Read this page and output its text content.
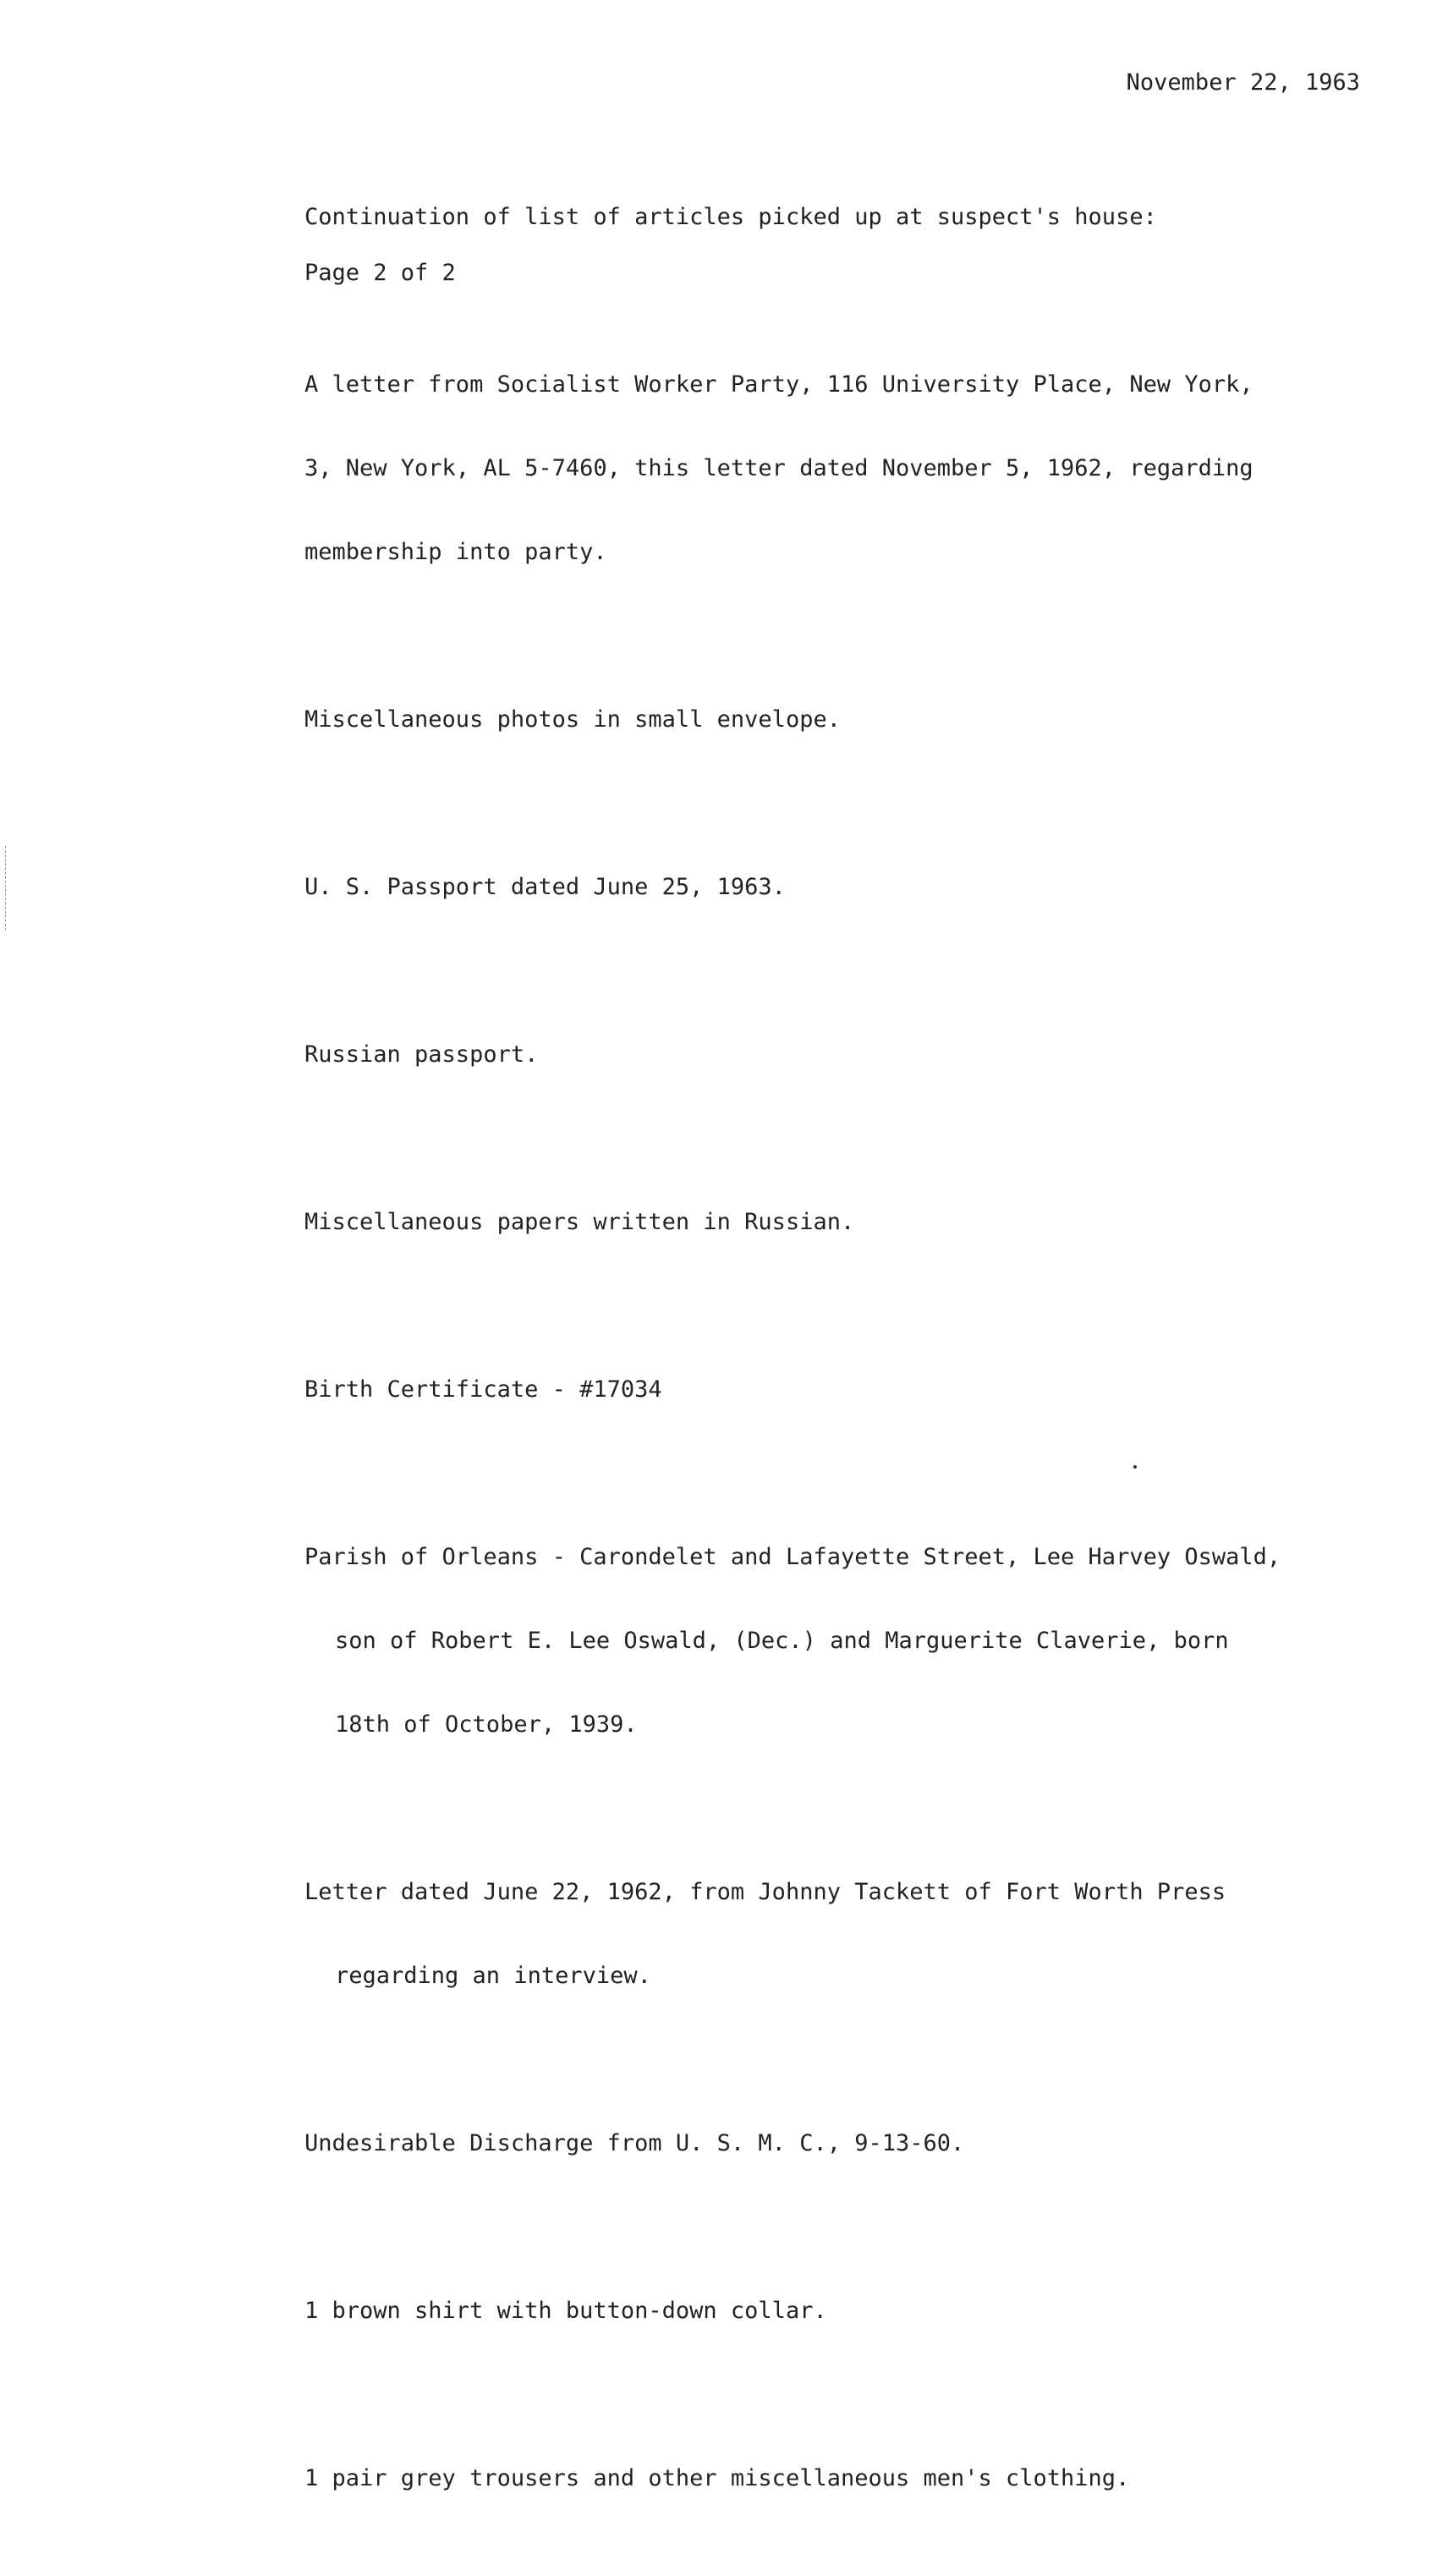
November 22, 1963
Continuation of list of articles picked up at suspect's house:
Page 2 of 2

A letter from Socialist Worker Party, 116 University Place, New York,

3, New York, AL 5-7460, this letter dated November 5, 1962, regarding

membership into party.

Miscellaneous photos in small envelope.

U. S. Passport dated June 25, 1963.

Russian passport.

Miscellaneous papers written in Russian.

Birth Certificate - #17034

Parish of Orleans - Carondelet and Lafayette Street, Lee Harvey Oswald,

son of Robert E. Lee Oswald, (Dec.) and Marguerite Claverie, born

18th of October, 1939.

Letter dated June 22, 1962, from Johnny Tackett of Fort Worth Press

regarding an interview.

Undesirable Discharge from U. S. M. C., 9-13-60.

1 brown shirt with button-down collar.

1 pair grey trousers and other miscellaneous men's clothing.
